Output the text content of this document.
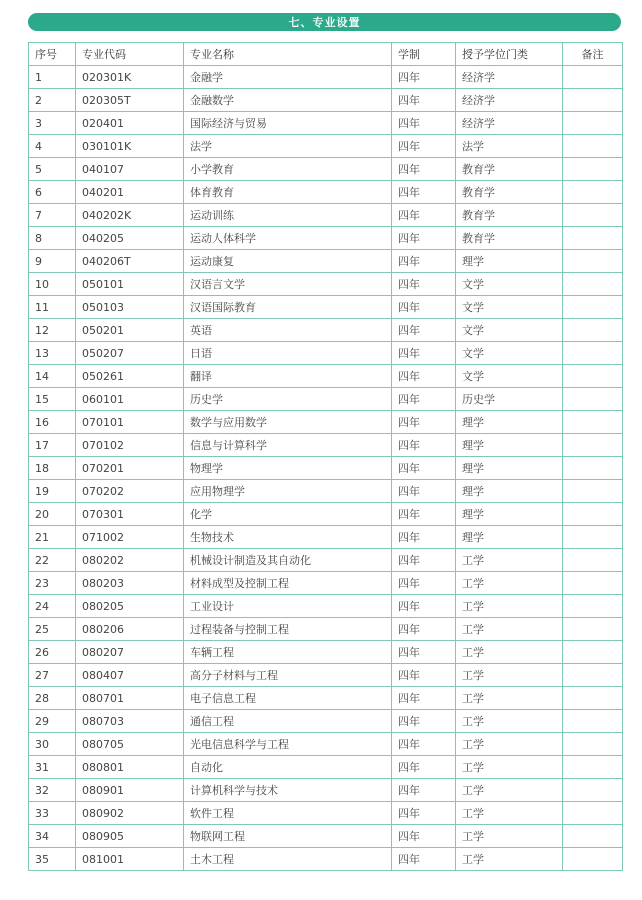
七、专业设置
序号	专业代码	专业名称	学制	授予学位门类	备注
1	020301K	金融学	四年	经济学	
2	020305T	金融数学	四年	经济学	
3	020401	国际经济与贸易	四年	经济学	
4	030101K	法学	四年	法学	
5	040107	小学教育	四年	教育学	
6	040201	体育教育	四年	教育学	
7	040202K	运动训练	四年	教育学	
8	040205	运动人体科学	四年	教育学	
9	040206T	运动康复	四年	理学	
10	050101	汉语言文学	四年	文学	
11	050103	汉语国际教育	四年	文学	
12	050201	英语	四年	文学	
13	050207	日语	四年	文学	
14	050261	翻译	四年	文学	
15	060101	历史学	四年	历史学	
16	070101	数学与应用数学	四年	理学	
17	070102	信息与计算科学	四年	理学	
18	070201	物理学	四年	理学	
19	070202	应用物理学	四年	理学	
20	070301	化学	四年	理学	
21	071002	生物技术	四年	理学	
22	080202	机械设计制造及其自动化	四年	工学	
23	080203	材料成型及控制工程	四年	工学	
24	080205	工业设计	四年	工学	
25	080206	过程装备与控制工程	四年	工学	
26	080207	车辆工程	四年	工学	
27	080407	高分子材料与工程	四年	工学	
28	080701	电子信息工程	四年	工学	
29	080703	通信工程	四年	工学	
30	080705	光电信息科学与工程	四年	工学	
31	080801	自动化	四年	工学	
32	080901	计算机科学与技术	四年	工学	
33	080902	软件工程	四年	工学	
34	080905	物联网工程	四年	工学	
35	081001	土木工程	四年	工学	
